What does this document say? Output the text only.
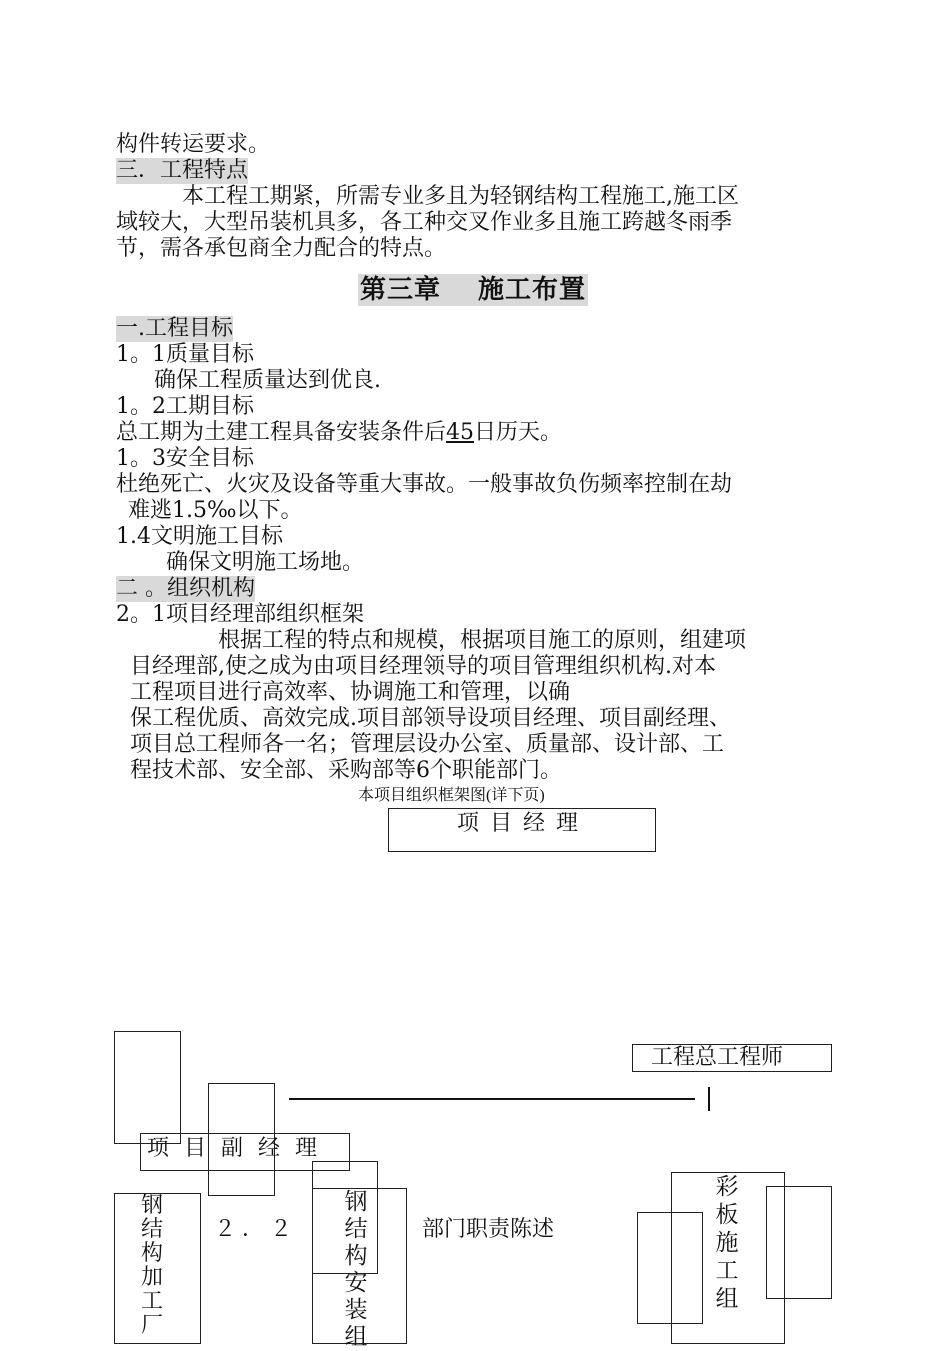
构件转运要求。
三．工程特点
本工程工期紧，所需专业多且为轻钢结构工程施工,施工区
域较大，大型吊装机具多，各工种交叉作业多且施工跨越冬雨季
节，需各承包商全力配合的特点。
第三章　 施工布置
一.工程目标
1。1质量目标
确保工程质量达到优良.
1。2工期目标
总工期为土建工程具备安装条件后45日历天。
1。3安全目标
杜绝死亡、火灾及设备等重大事故。一般事故负伤频率控制在劫
难逃1.5‰以下。
1.4文明施工目标
确保文明施工场地。
二 。组织机构
2。1项目经理部组织框架
根据工程的特点和规模，根据项目施工的原则，组建项
目经理部,使之成为由项目经理领导的项目管理组织机构.对本
工程项目进行高效率、协调施工和管理，以确
保工程优质、高效完成.项目部领导设项目经理、项目副经理、
项目总工程师各一名；管理层设办公室、质量部、设计部、工
程技术部、安全部、采购部等6个职能部门。
本项目组织框架图(详下页)
项 目 经 理
工程总工程师
项 目 副 经 理
钢结构加工厂
钢结构安装组
彩板施工组
２．２	部门职责陈述
